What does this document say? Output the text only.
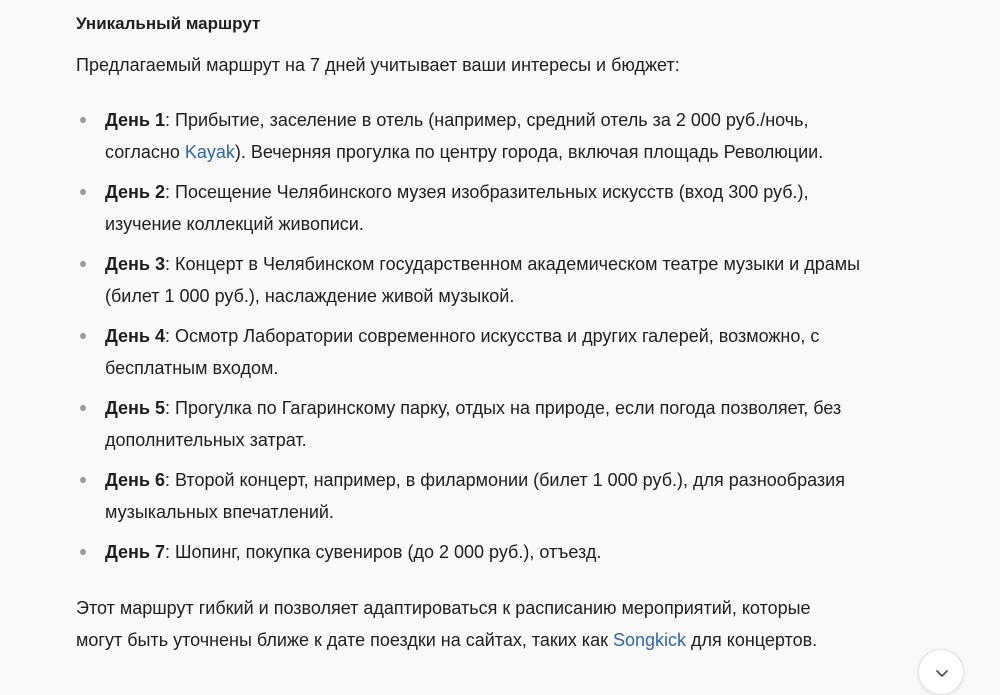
Уникальный маршрут
Предлагаемый маршрут на 7 дней учитывает ваши интересы и бюджет:
День 1: Прибытие, заселение в отель (например, средний отель за 2 000 руб./ночь,
согласно Kayak). Вечерняя прогулка по центру города, включая площадь Революции.
День 2: Посещение Челябинского музея изобразительных искусств (вход 300 руб.),
изучение коллекций живописи.
День 3: Концерт в Челябинском государственном академическом театре музыки и драмы
(билет 1 000 руб.), наслаждение живой музыкой.
День 4: Осмотр Лаборатории современного искусства и других галерей, возможно, с
бесплатным входом.
День 5: Прогулка по Гагаринскому парку, отдых на природе, если погода позволяет, без
дополнительных затрат.
День 6: Второй концерт, например, в филармонии (билет 1 000 руб.), для разнообразия
музыкальных впечатлений.
День 7: Шопинг, покупка сувениров (до 2 000 руб.), отъезд.
Этот маршрут гибкий и позволяет адаптироваться к расписанию мероприятий, которые
могут быть уточнены ближе к дате поездки на сайтах, таких как Songkick для концертов.
